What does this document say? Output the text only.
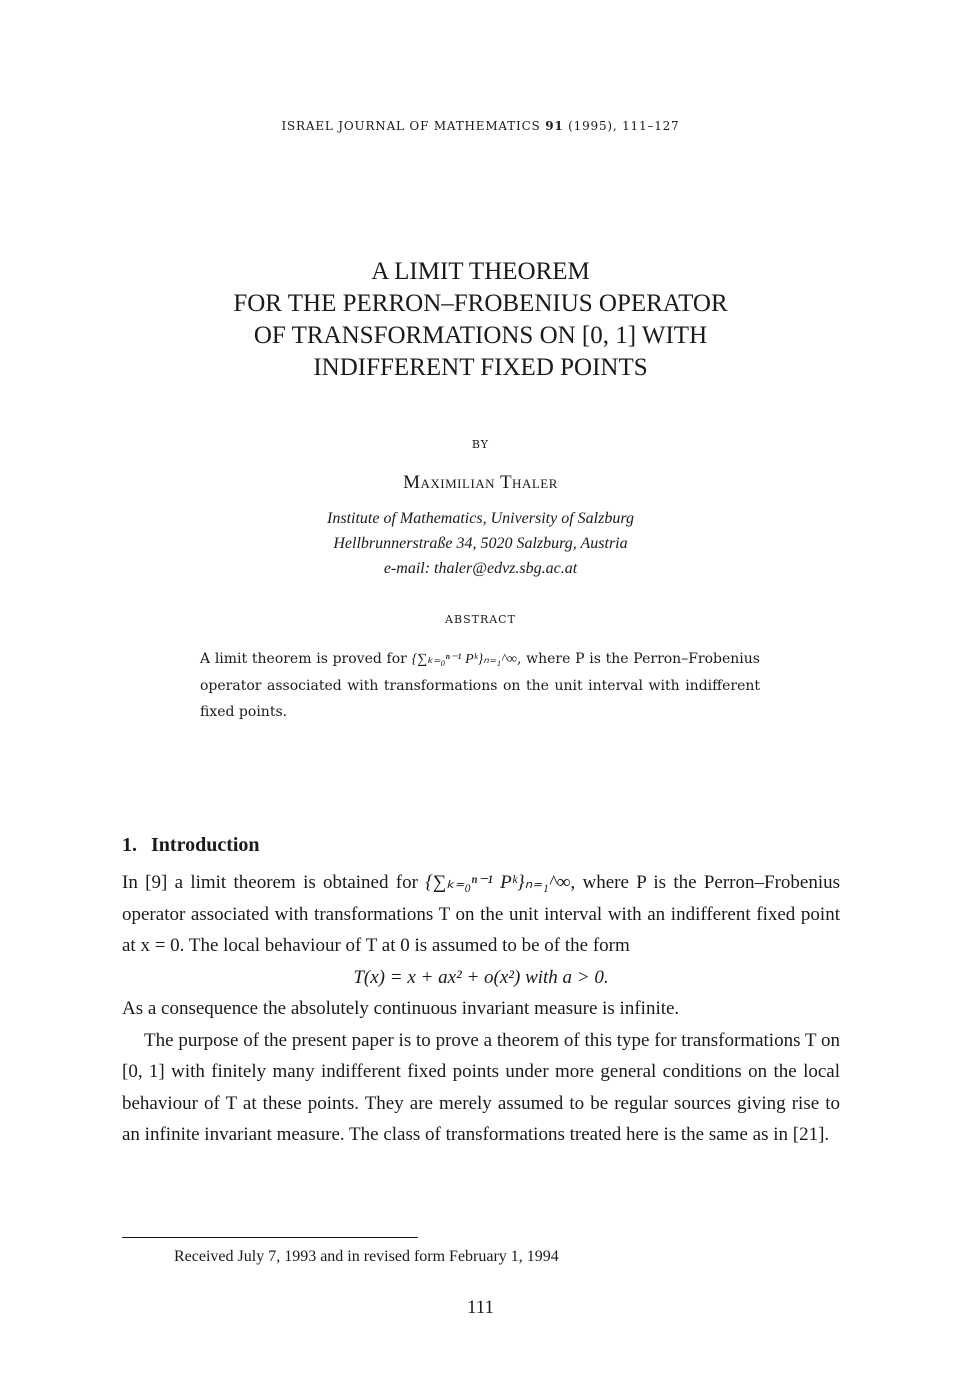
ISRAEL JOURNAL OF MATHEMATICS 91 (1995), 111–127
A LIMIT THEOREM
FOR THE PERRON–FROBENIUS OPERATOR
OF TRANSFORMATIONS ON [0, 1] WITH
INDIFFERENT FIXED POINTS
BY
Maximilian Thaler
Institute of Mathematics, University of Salzburg
Hellbrunnerstraße 34, 5020 Salzburg, Austria
e-mail: thaler@edvz.sbg.ac.at
ABSTRACT

A limit theorem is proved for {∑ₖ₌₀ⁿ⁻¹ Pᵏ}ₙ₌₁^∞, where P is the Perron–Frobenius operator associated with transformations on the unit interval with indifferent fixed points.

1. Introduction

In [9] a limit theorem is obtained for {∑ₖ₌₀ⁿ⁻¹ Pᵏ}ₙ₌₁^∞, where P is the Perron–Frobenius operator associated with transformations T on the unit interval with an indifferent fixed point at x = 0. The local behaviour of T at 0 is assumed to be of the form

T(x) = x + ax² + o(x²) with a > 0.

As a consequence the absolutely continuous invariant measure is infinite.

The purpose of the present paper is to prove a theorem of this type for transformations T on [0, 1] with finitely many indifferent fixed points under more general conditions on the local behaviour of T at these points. They are merely assumed to be regular sources giving rise to an infinite invariant measure. The class of transformations treated here is the same as in [21].

Received July 7, 1993 and in revised form February 1, 1994
111
